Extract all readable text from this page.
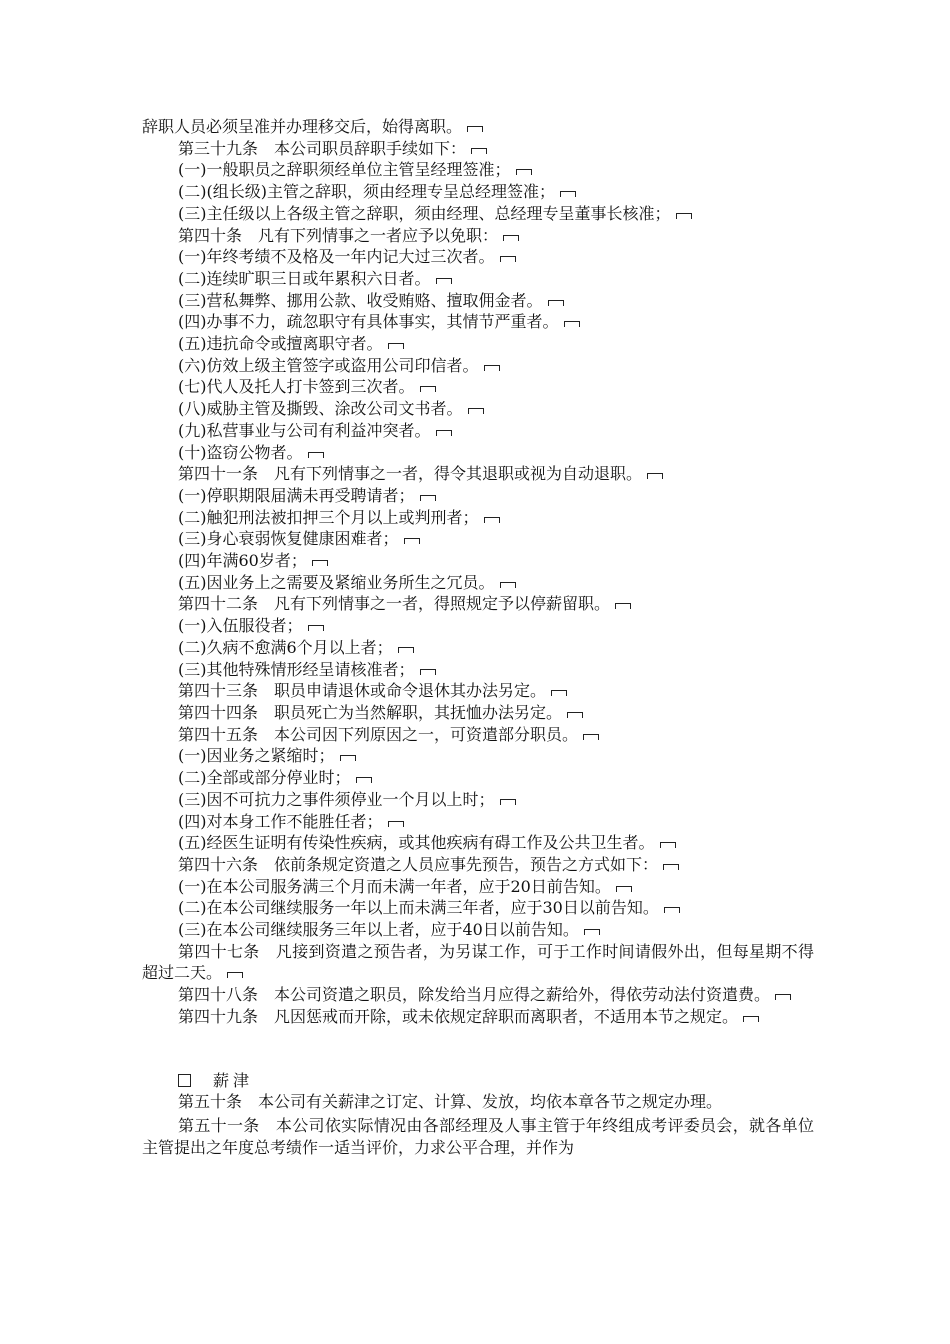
辞职人员必须呈准并办理移交后，始得离职。
第三十九条　本公司职员辞职手续如下：
(一)一般职员之辞职须经单位主管呈经理签准；
(二)(组长级)主管之辞职，须由经理专呈总经理签准；
(三)主任级以上各级主管之辞职，须由经理、总经理专呈董事长核准；
第四十条　凡有下列情事之一者应予以免职：
(一)年终考绩不及格及一年内记大过三次者。
(二)连续旷职三日或年累积六日者。
(三)营私舞弊、挪用公款、收受贿赂、擅取佣金者。
(四)办事不力，疏忽职守有具体事实，其情节严重者。
(五)违抗命令或擅离职守者。
(六)仿效上级主管签字或盗用公司印信者。
(七)代人及托人打卡签到三次者。
(八)威胁主管及撕毁、涂改公司文书者。
(九)私营事业与公司有利益冲突者。
(十)盗窃公物者。
第四十一条　凡有下列情事之一者，得令其退职或视为自动退职。
(一)停职期限届满未再受聘请者；
(二)触犯刑法被扣押三个月以上或判刑者；
(三)身心衰弱恢复健康困难者；
(四)年满60岁者；
(五)因业务上之需要及紧缩业务所生之冗员。
第四十二条　凡有下列情事之一者，得照规定予以停薪留职。
(一)入伍服役者；
(二)久病不愈满6个月以上者；
(三)其他特殊情形经呈请核准者；
第四十三条　职员申请退休或命令退休其办法另定。
第四十四条　职员死亡为当然解职，其抚恤办法另定。
第四十五条　本公司因下列原因之一，可资遣部分职员。
(一)因业务之紧缩时；
(二)全部或部分停业时；
(三)因不可抗力之事件须停业一个月以上时；
(四)对本身工作不能胜任者；
(五)经医生证明有传染性疾病，或其他疾病有碍工作及公共卫生者。
第四十六条　依前条规定资遣之人员应事先预告，预告之方式如下：
(一)在本公司服务满三个月而未满一年者，应于20日前告知。
(二)在本公司继续服务一年以上而未满三年者，应于30日以前告知。
(三)在本公司继续服务三年以上者，应于40日以前告知。
第四十七条　凡接到资遣之预告者，为另谋工作，可于工作时间请假外出，但每星期不得超过二天。
第四十八条　本公司资遣之职员，除发给当月应得之薪给外，得依劳动法付资遣费。
第四十九条　凡因惩戒而开除，或未依规定辞职而离职者，不适用本节之规定。
薪津
第五十条　本公司有关薪津之订定、计算、发放，均依本章各节之规定办理。
第五十一条　本公司依实际情况由各部经理及人事主管于年终组成考评委员会，就各单位主管提出之年度总考绩作一适当评价，力求公平合理，并作为
